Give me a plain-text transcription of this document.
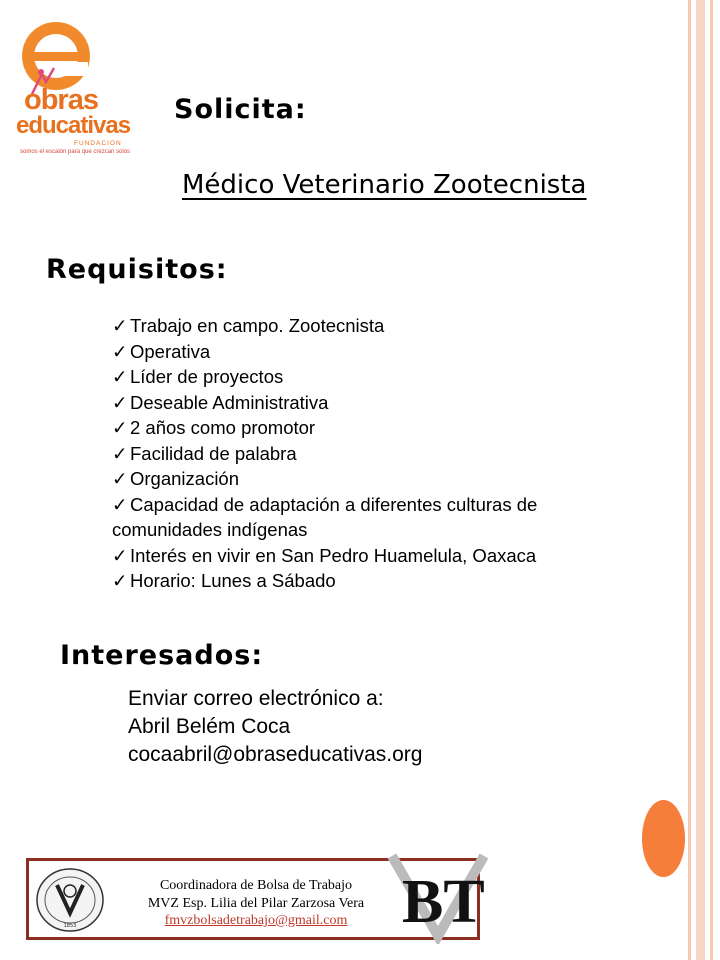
obras
educativas
FUNDACION
somos el escalón para que crezcan solos
Solicita:
Médico Veterinario Zootecnista
Requisitos:
✓ Trabajo en campo. Zootecnista
✓ Operativa
✓ Líder de proyectos
✓ Deseable Administrativa
✓ 2 años como promotor
✓ Facilidad de palabra
✓ Organización
✓ Capacidad de adaptación a diferentes culturas de comunidades indígenas
✓ Interés en vivir en San Pedro Huamelula, Oaxaca
✓ Horario: Lunes a Sábado
Interesados:
Enviar correo electrónico a:
Abril Belém Coca
cocaabril@obraseducativas.org
1853
Coordinadora de Bolsa de Trabajo
MVZ Esp. Lilia del Pilar Zarzosa Vera
fmvzbolsadetrabajo@gmail.com BT
